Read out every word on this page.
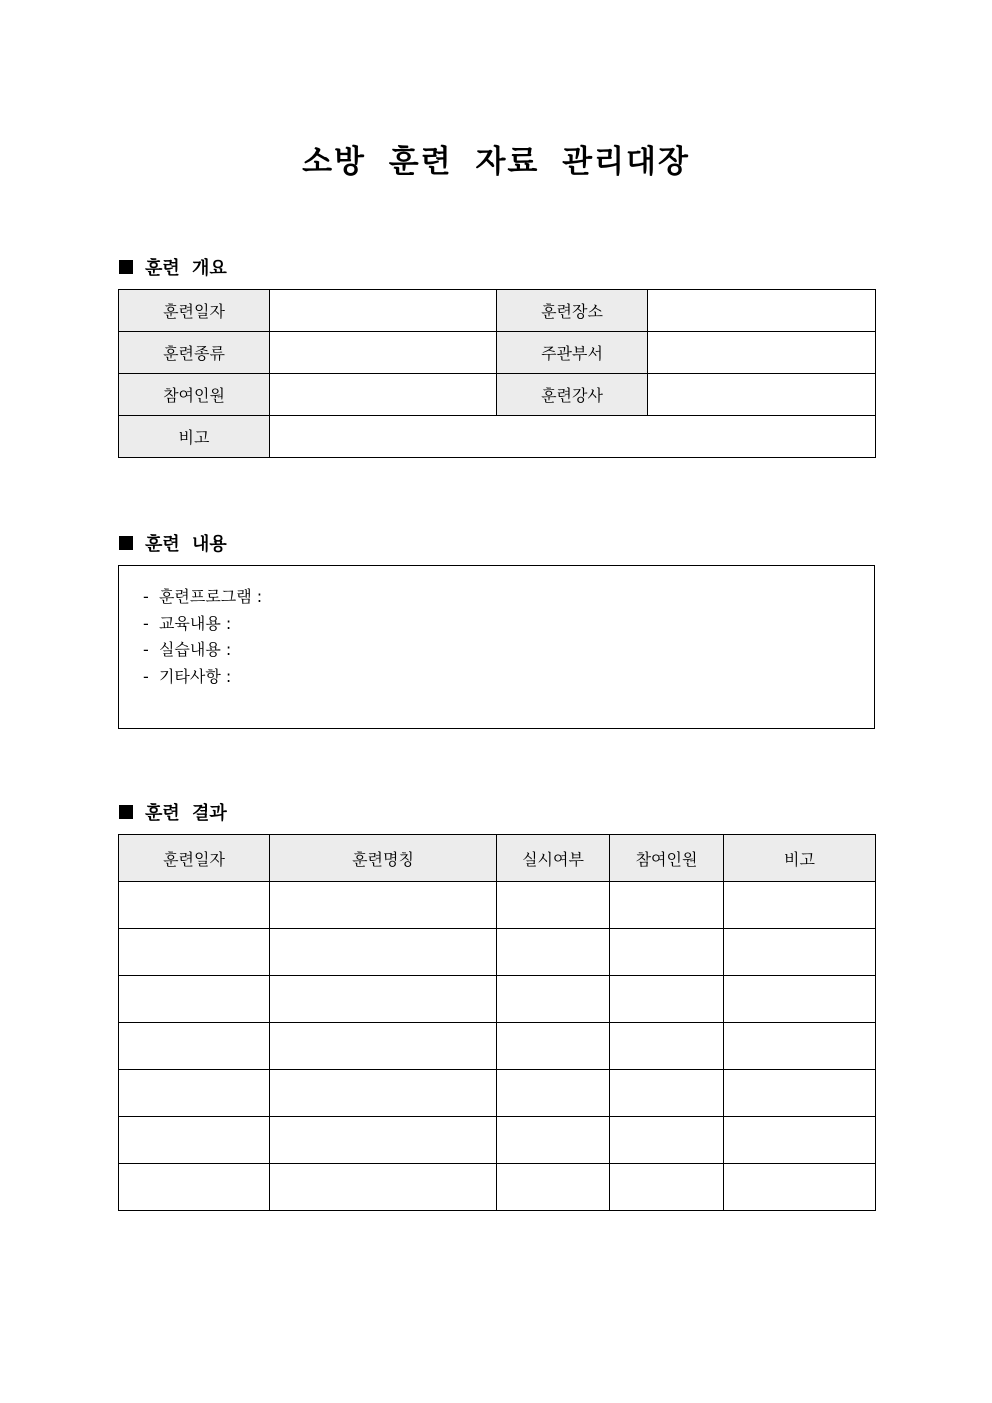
소방 훈련 자료 관리대장
훈련 개요
훈련일자		훈련장소	
훈련종류		주관부서	
참여인원		훈련강사	
비고			
훈련 내용
-  훈련프로그램 :
-  교육내용 :
-  실습내용 :
-  기타사항 :
훈련 결과
훈련일자	훈련명칭	실시여부	참여인원	비고
